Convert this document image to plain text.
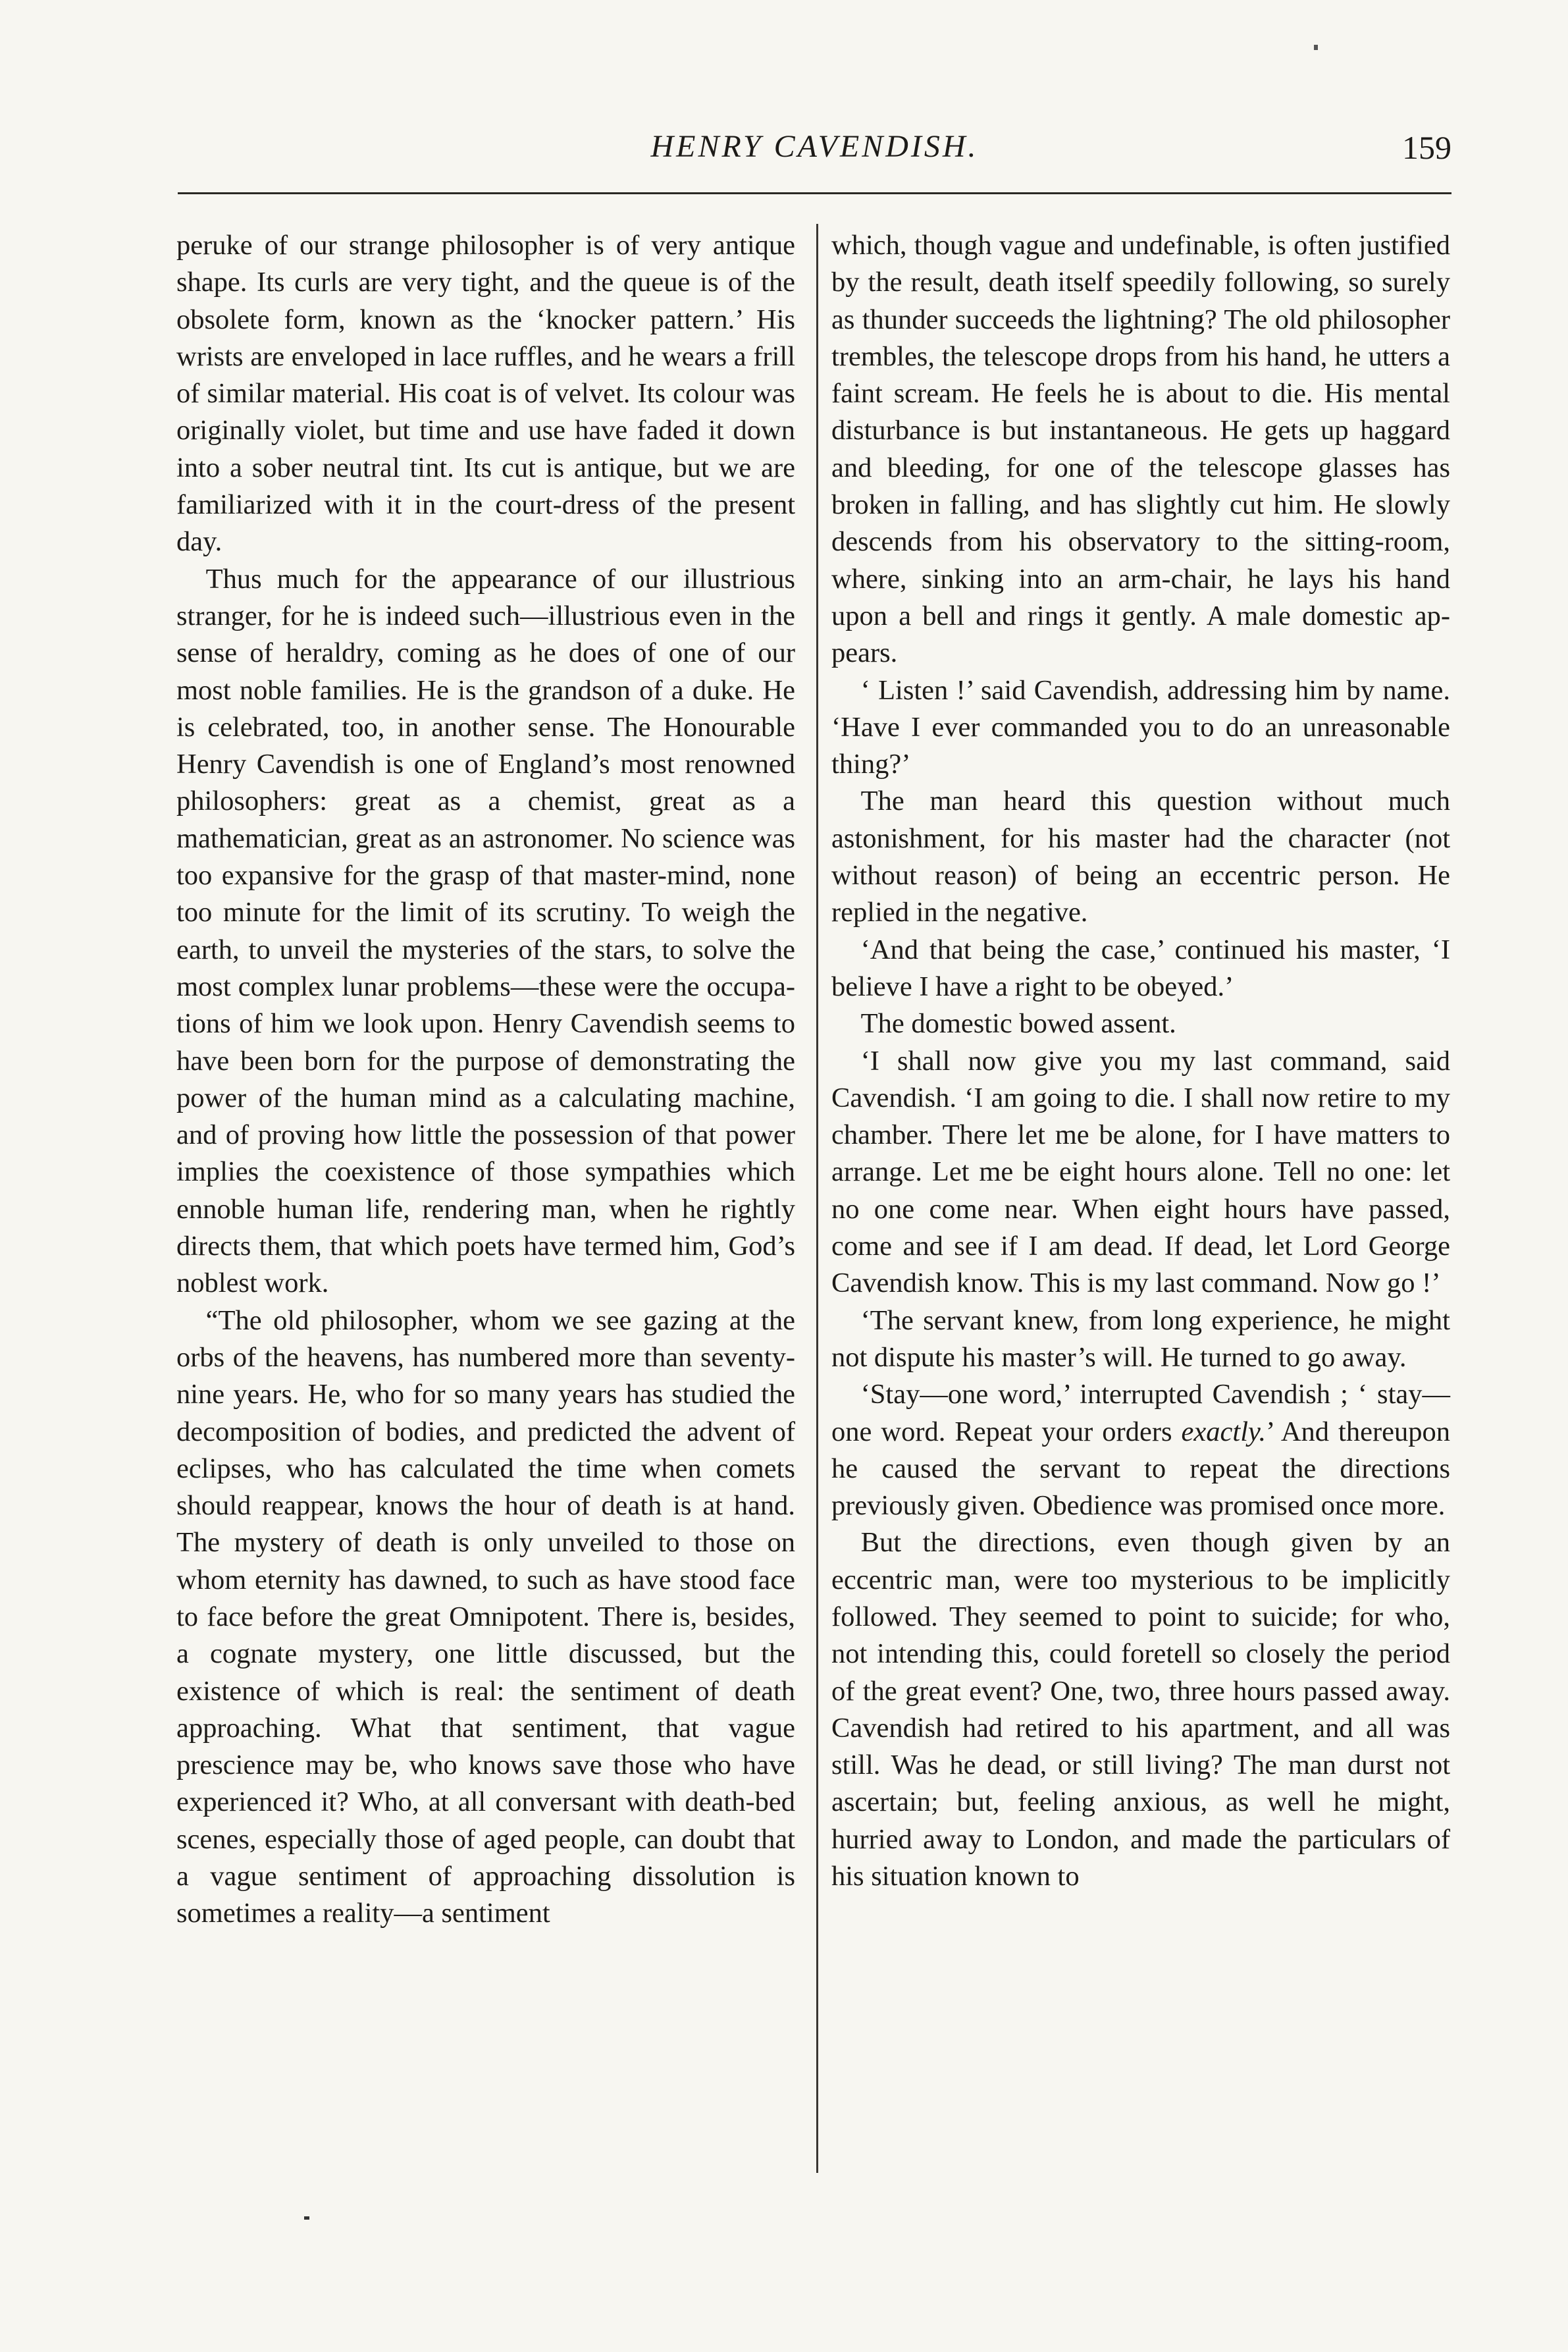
HENRY CAVENDISH.	159

peruke of our strange philosopher is of very antique shape. Its curls are very tight, and the queue is of the obsolete form, known as the ‘knocker pattern.’ His wrists are enveloped in lace ruffles, and he wears a frill of similar material. His coat is of velvet. Its colour was originally violet, but time and use have faded it down into a sober neutral tint. Its cut is antique, but we are familiarized with it in the court-dress of the present day.

Thus much for the appearance of our illustrious stranger, for he is indeed such—illustrious even in the sense of heraldry, coming as he does of one of our most noble families. He is the grandson of a duke. He is celebrated, too, in another sense. The Honourable Henry Cavendish is one of England’s most renowned philosophers: great as a chemist, great as a mathematician, great as an astronomer. No science was too expansive for the grasp of that master-mind, none too minute for the limit of its scrutiny. To weigh the earth, to unveil the mysteries of the stars, to solve the most complex lunar problems—these were the occupations of him we look upon. Henry Cavendish seems to have been born for the purpose of demonstrating the power of the human mind as a calculating machine, and of proving how little the possession of that power implies the coexistence of those sympathies which ennoble human life, rendering man, when he rightly directs them, that which poets have termed him, God’s noblest work.

“The old philosopher, whom we see gazing at the orbs of the heavens, has numbered more than seventy-nine years. He, who for so many years has studied the decomposition of bodies, and predicted the advent of eclipses, who has calculated the time when comets should reappear, knows the hour of death is at hand. The mystery of death is only unveiled to those on whom eternity has dawned, to such as have stood face to face before the great Omnipotent. There is, besides, a cognate mystery, one little discussed, but the existence of which is real: the sentiment of death approaching. What that sentiment, that vague prescience may be, who knows save those who have experienced it? Who, at all conversant with death-bed scenes, especially those of aged people, can doubt that a vague sentiment of approaching dissolution is sometimes a reality—a sentiment

which, though vague and undefinable, is often justified by the result, death itself speedily following, so surely as thunder succeeds the lightning? The old philosopher trembles, the telescope drops from his hand, he utters a faint scream. He feels he is about to die. His mental disturbance is but instantaneous. He gets up haggard and bleeding, for one of the telescope glasses has broken in falling, and has slightly cut him. He slowly descends from his observatory to the sitting-room, where, sinking into an arm-chair, he lays his hand upon a bell and rings it gently. A male domestic appears.

‘ Listen !’ said Cavendish, addressing him by name. ‘Have I ever commanded you to do an unreasonable thing?’

The man heard this question without much astonishment, for his master had the character (not without reason) of being an eccentric person. He replied in the negative.

‘And that being the case,’ continued his master, ‘I believe I have a right to be obeyed.’

The domestic bowed assent.

‘I shall now give you my last command, said Cavendish. ‘I am going to die. I shall now retire to my chamber. There let me be alone, for I have matters to arrange. Let me be eight hours alone. Tell no one: let no one come near. When eight hours have passed, come and see if I am dead. If dead, let Lord George Cavendish know. This is my last command. Now go !’

‘The servant knew, from long experience, he might not dispute his master’s will. He turned to go away.

‘Stay—one word,’ interrupted Cavendish ; ‘ stay—one word. Repeat your orders exactly.’ And thereupon he caused the servant to repeat the directions previously given. Obedience was promised once more.

But the directions, even though given by an eccentric man, were too mysterious to be implicitly followed. They seemed to point to suicide; for who, not intending this, could foretell so closely the period of the great event? One, two, three hours passed away. Cavendish had retired to his apartment, and all was still. Was he dead, or still living? The man durst not ascertain; but, feeling anxious, as well he might, hurried away to London, and made the particulars of his situation known to
